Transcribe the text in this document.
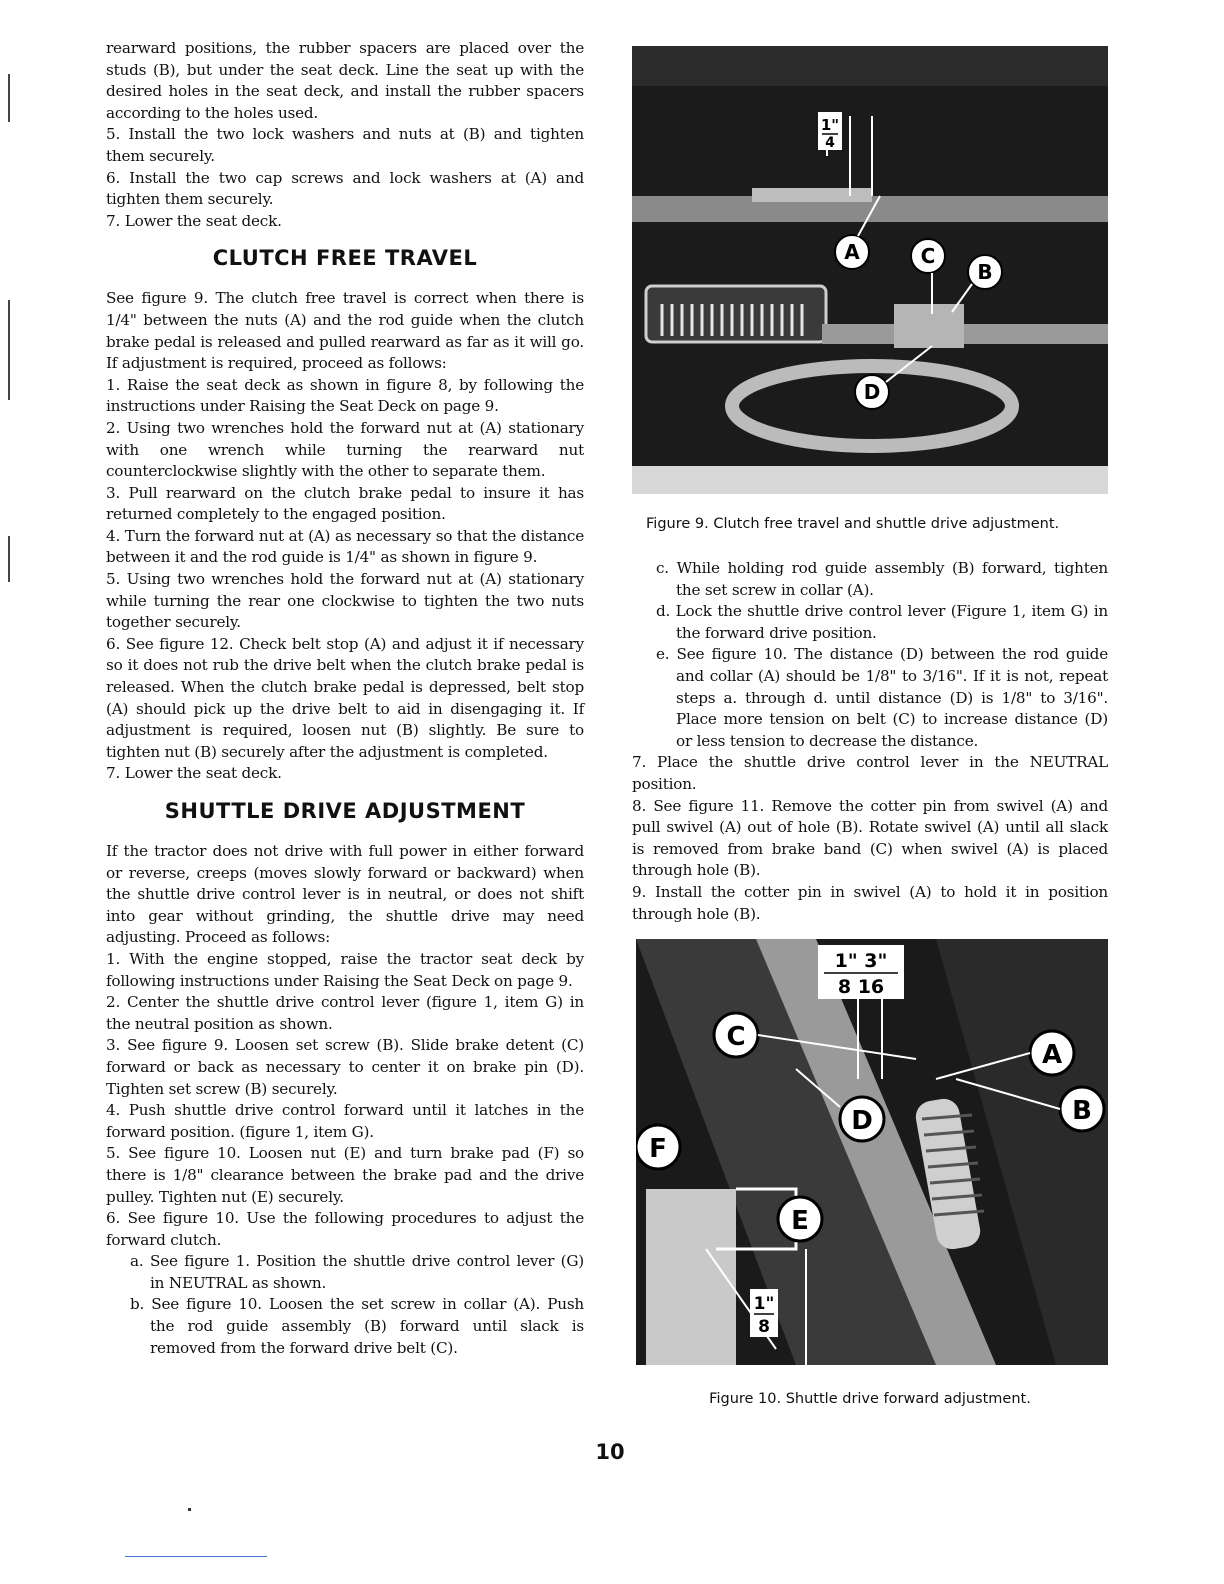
rearward positions, the rubber spacers are placed over the studs (B), but under the seat deck. Line the seat up with the desired holes in the seat deck, and install the rubber spacers according to the holes used.

5. Install the two lock washers and nuts at (B) and tighten them securely.

6. Install the two cap screws and lock washers at (A) and tighten them securely.

7. Lower the seat deck.

CLUTCH FREE TRAVEL

See figure 9. The clutch free travel is correct when there is 1/4" between the nuts (A) and the rod guide when the clutch brake pedal is released and pulled rearward as far as it will go. If adjustment is required, proceed as follows:

1. Raise the seat deck as shown in figure 8, by following the instructions under Raising the Seat Deck on page 9.

2. Using two wrenches hold the forward nut at (A) stationary with one wrench while turning the rearward nut counterclockwise slightly with the other to separate them.

3. Pull rearward on the clutch brake pedal to insure it has returned completely to the engaged position.

4. Turn the forward nut at (A) as necessary so that the distance between it and the rod guide is 1/4" as shown in figure 9.

5. Using two wrenches hold the forward nut at (A) stationary while turning the rear one clockwise to tighten the two nuts together securely.

6. See figure 12. Check belt stop (A) and adjust it if necessary so it does not rub the drive belt when the clutch brake pedal is released. When the clutch brake pedal is depressed, belt stop (A) should pick up the drive belt to aid in disengaging it. If adjustment is required, loosen nut (B) slightly. Be sure to tighten nut (B) securely after the adjustment is completed.

7. Lower the seat deck.

SHUTTLE DRIVE ADJUSTMENT

If the tractor does not drive with full power in either forward or reverse, creeps (moves slowly forward or backward) when the shuttle drive control lever is in neutral, or does not shift into gear without grinding, the shuttle drive may need adjusting. Proceed as follows:

1. With the engine stopped, raise the tractor seat deck by following instructions under Raising the Seat Deck on page 9.

2. Center the shuttle drive control lever (figure 1, item G) in the neutral position as shown.

3. See figure 9. Loosen set screw (B). Slide brake detent (C) forward or back as necessary to center it on brake pin (D). Tighten set screw (B) securely.

4. Push shuttle drive control forward until it latches in the forward position. (figure 1, item G).

5. See figure 10. Loosen nut (E) and turn brake pad (F) so there is 1/8" clearance between the brake pad and the drive pulley. Tighten nut (E) securely.

6. See figure 10. Use the following procedures to adjust the forward clutch.

a. See figure 1. Position the shuttle drive control lever (G) in NEUTRAL as shown.

b. See figure 10. Loosen the set screw in collar (A). Push the rod guide assembly (B) forward until slack is removed from the forward drive belt (C).

1"
4
A	C
B
D
Figure 9. Clutch free travel and shuttle drive adjustment.

c. While holding rod guide assembly (B) forward, tighten the set screw in collar (A).

d. Lock the shuttle drive control lever (Figure 1, item G) in the forward drive position.

e. See figure 10. The distance (D) between the rod guide and collar (A) should be 1/8" to 3/16". If it is not, repeat steps a. through d. until distance (D) is 1/8" to 3/16". Place more tension on belt (C) to increase distance (D) or less tension to decrease the distance.

7. Place the shuttle drive control lever in the NEUTRAL position.

8. See figure 11. Remove the cotter pin from swivel (A) and pull swivel (A) out of hole (B). Rotate swivel (A) until all slack is removed from brake band (C) when swivel (A) is placed through hole (B).

9. Install the cotter pin in swivel (A) to hold it in position through hole (B).

1" 3"
8 16
1"
8
C
A
B
D
F
E
Figure 10. Shuttle drive forward adjustment.
10
